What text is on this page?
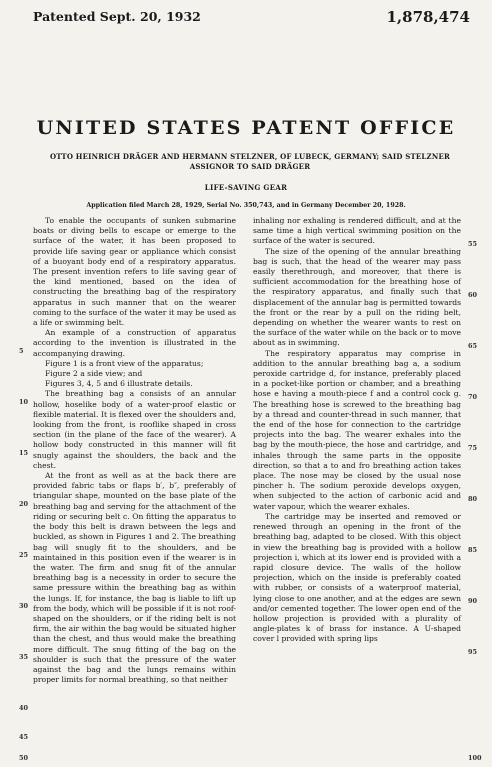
Patented Sept. 20, 1932	1,878,474
UNITED STATES PATENT OFFICE
OTTO HEINRICH DRÄGER AND HERMANN STELZNER, OF LUBECK, GERMANY; SAID STELZNER ASSIGNOR TO SAID DRÄGER
LIFE-SAVING GEAR
Application filed March 28, 1929, Serial No. 350,743, and in Germany December 20, 1928.

To enable the occupants of sunken submarine boats or diving bells to escape or emerge to the surface of the water, it has been proposed to provide life saving gear or appliance which consist of a buoyant body end of a respiratory apparatus. The present invention refers to life saving gear of the kind mentioned, based on the idea of constructing the breathing bag of the respiratory apparatus in such manner that on the wearer coming to the surface of the water it may be used as a life or swimming belt.

An example of a construction of apparatus according to the invention is illustrated in the accompanying drawing.

Figure 1 is a front view of the apparatus;

Figure 2 a side view; and

Figures 3, 4, 5 and 6 illustrate details.

The breathing bag a consists of an annular hollow, hoselike body of a water-proof elastic or flexible material. It is flexed over the shoulders and, looking from the front, is rooflike shaped in cross section (in the plane of the face of the wearer). A hollow body constructed in this manner will fit snugly against the shoulders, the back and the chest.

At the front as well as at the back there are provided fabric tabs or flaps b′, b″, preferably of triangular shape, mounted on the base plate of the breathing bag and serving for the attachment of the riding or securing belt c. On fitting the apparatus to the body this belt is drawn between the legs and buckled, as shown in Figures 1 and 2. The breathing bag will snugly fit to the shoulders, and be maintained in this position even if the wearer is in the water. The firm and snug fit of the annular breathing bag is a necessity in order to secure the same pressure within the breathing bag as within the lungs. If, for instance, the bag is liable to lift up from the body, which will be possible if it is not roof-shaped on the shoulders, or if the riding belt is not firm, the air within the bag would be situated higher than the chest, and thus would make the breathing more difficult. The snug fitting of the bag on the shoulder is such that the pressure of the water against the bag and the lungs remains within proper limits for normal breathing, so that neither

inhaling nor exhaling is rendered difficult, and at the same time a high vertical swimming position on the surface of the water is secured.

The size of the opening of the annular breathing bag is such, that the head of the wearer may pass easily therethrough, and moreover, that there is sufficient accommodation for the breathing hose of the respiratory apparatus, and finally such that displacement of the annular bag is permitted towards the front or the rear by a pull on the riding belt, depending on whether the wearer wants to rest on the surface of the water while on the back or to move about as in swimming.

The respiratory apparatus may comprise in addition to the annular breathing bag a, a sodium peroxide cartridge d, for instance, preferably placed in a pocket-like portion or chamber, and a breathing hose e having a mouth-piece f and a control cock g. The breathing hose is screwed to the breathing bag by a thread and counter-thread in such manner, that the end of the hose for connection to the cartridge projects into the bag. The wearer exhales into the bag by the mouth-piece, the hose and cartridge, and inhales through the same parts in the opposite direction, so that a to and fro breathing action takes place. The nose may be closed by the usual nose pincher h. The sodium peroxide develops oxygen, when subjected to the action of carbonic acid and water vapour, which the wearer exhales.

The cartridge may be inserted and removed or renewed through an opening in the front of the breathing bag, adapted to be closed. With this object in view the breathing bag is provided with a hollow projection i, which at its lower end is provided with a rapid closure device. The walls of the hollow projection, which on the inside is preferably coated with rubber, or consists of a waterproof material, lying close to one another, and at the edges are sewn and/or cemented together. The lower open end of the hollow projection is provided with a plurality of angle-plates k of brass for instance. A U-shaped cover l provided with spring lips

5
10
15
20
25
30
35
40
45
50
55
60
65
70
75
80
85
90
95
100
